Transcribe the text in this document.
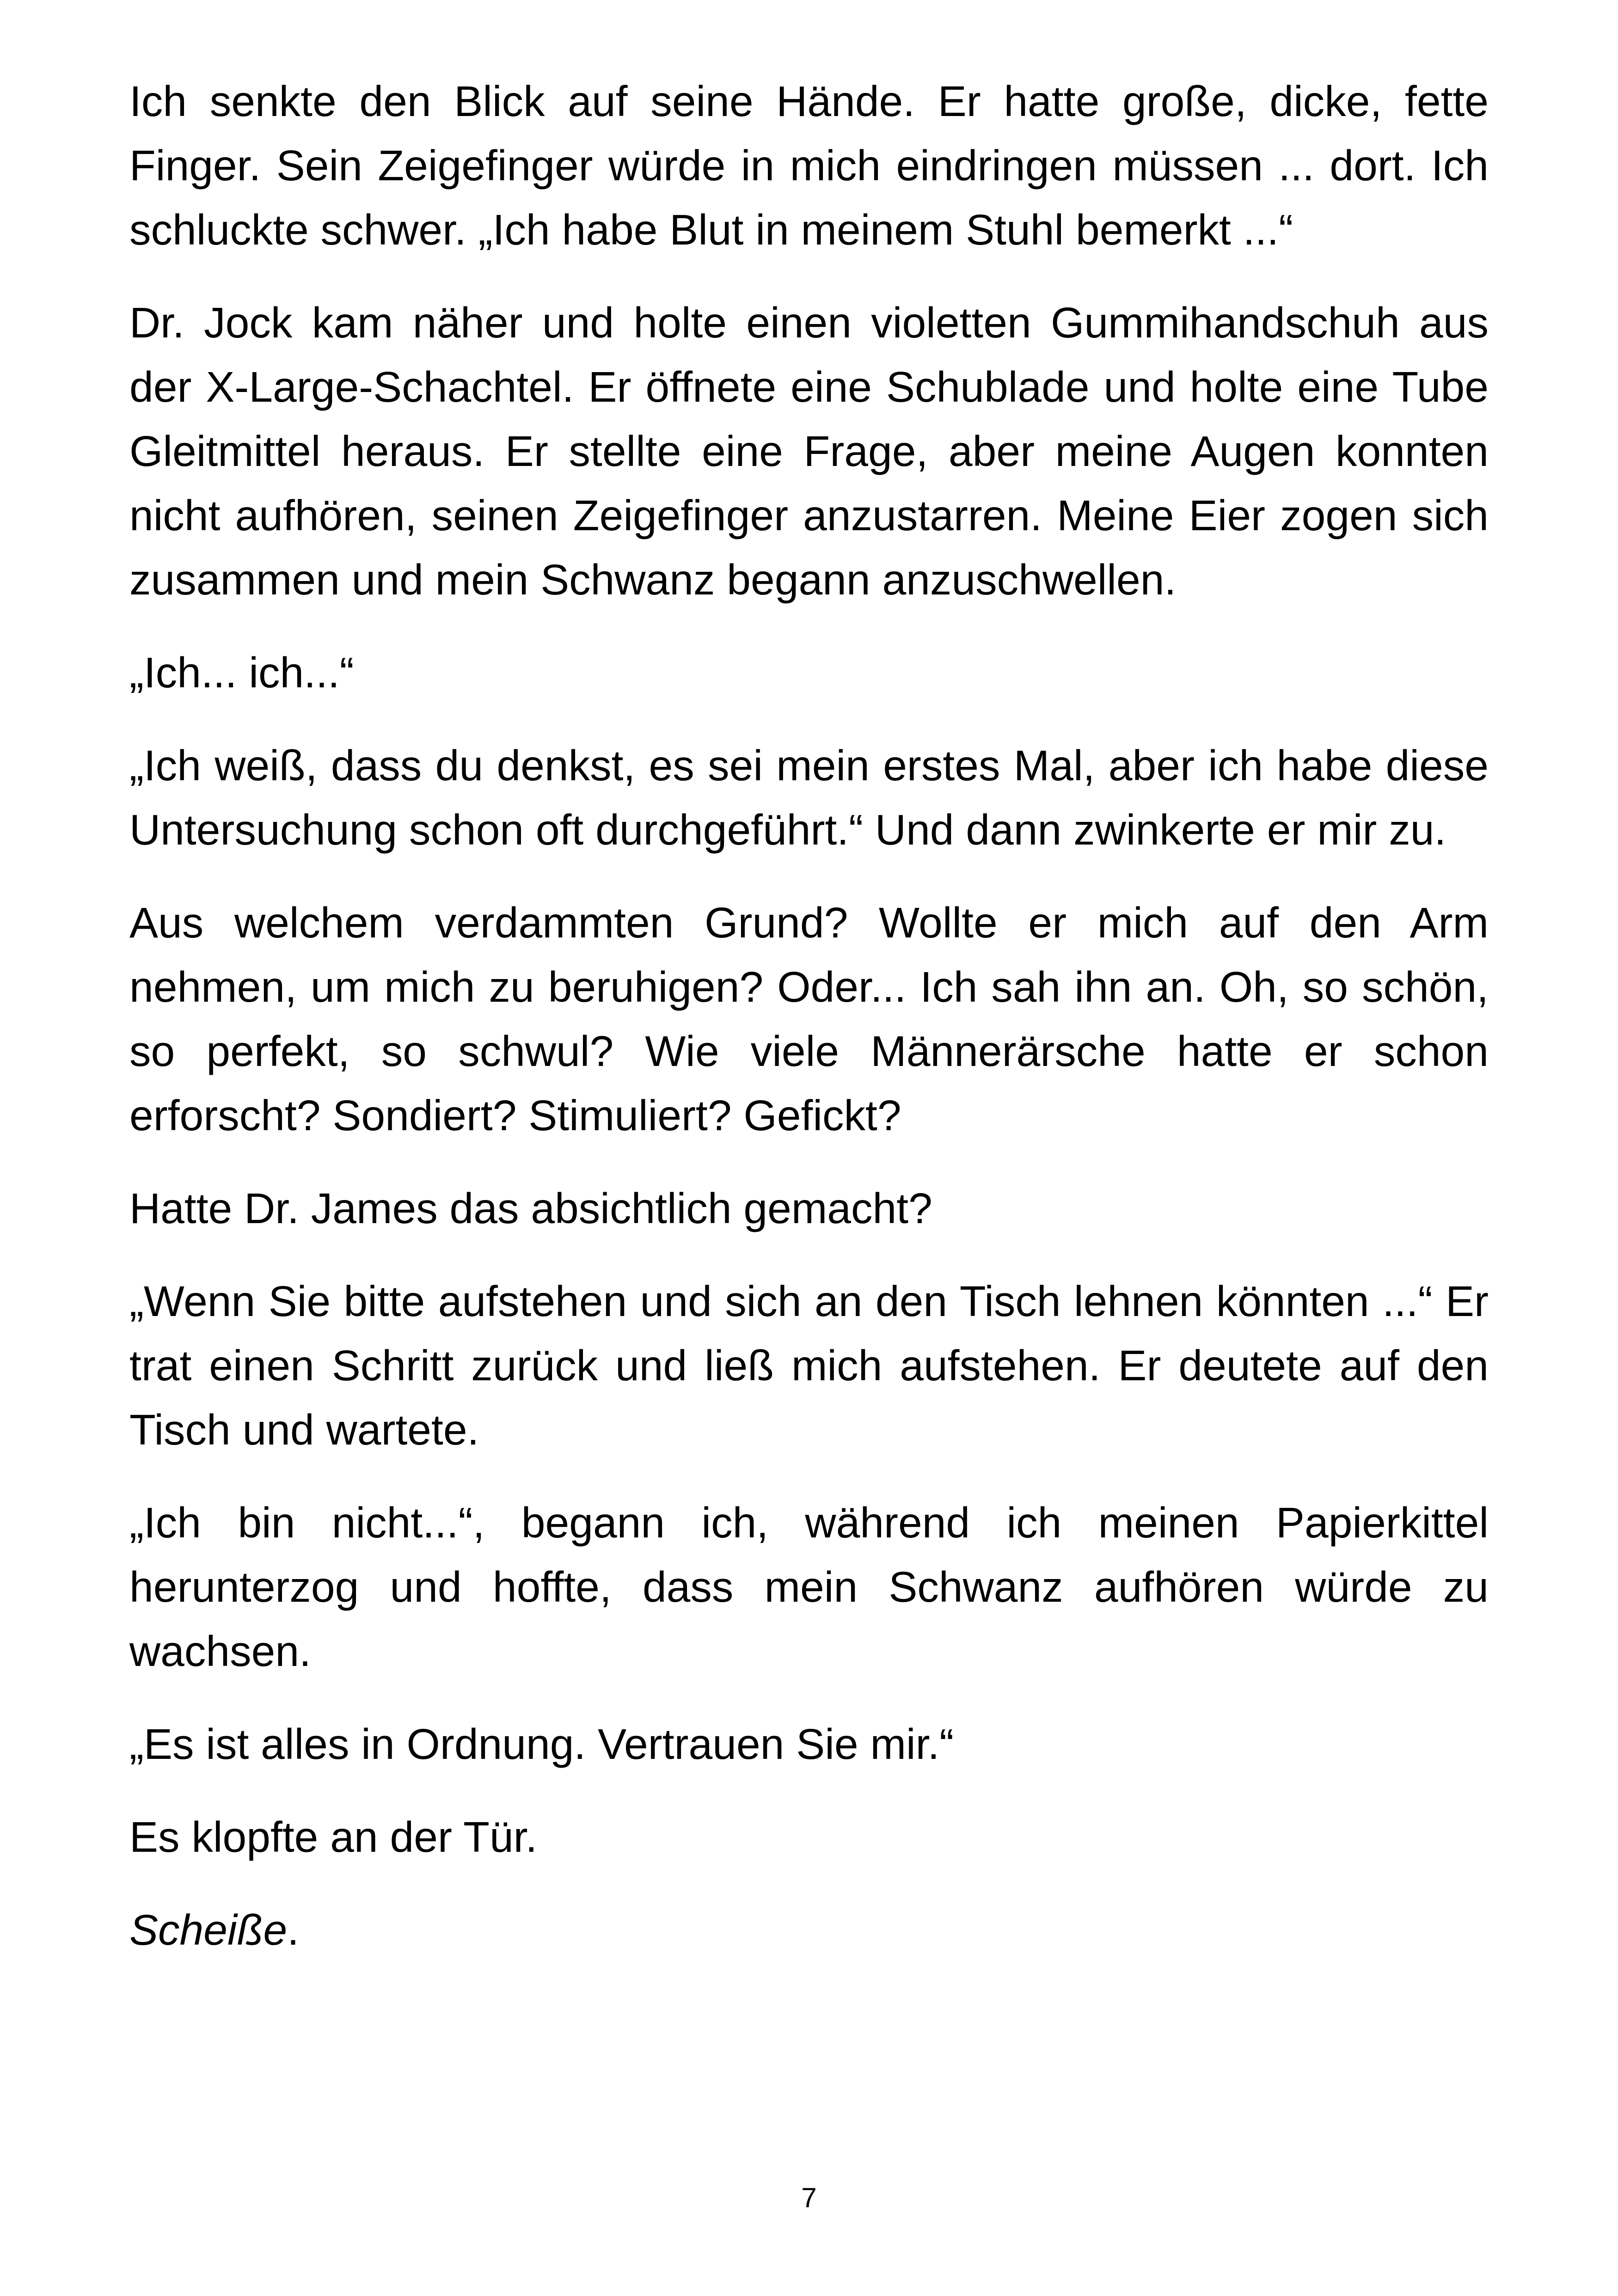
Ich senkte den Blick auf seine Hände. Er hatte große, dicke, fette Finger. Sein Zeigefinger würde in mich eindringen müssen ... dort. Ich schluckte schwer. „Ich habe Blut in meinem Stuhl bemerkt ...“

Dr. Jock kam näher und holte einen violetten Gummihandschuh aus der X-Large-Schachtel. Er öffnete eine Schublade und holte eine Tube Gleitmittel heraus. Er stellte eine Frage, aber meine Augen konnten nicht aufhören, seinen Zeigefinger anzustarren. Meine Eier zogen sich zusammen und mein Schwanz begann anzuschwellen.

„Ich... ich...“

„Ich weiß, dass du denkst, es sei mein erstes Mal, aber ich habe diese Untersuchung schon oft durchgeführt.“ Und dann zwinkerte er mir zu.

Aus welchem verdammten Grund? Wollte er mich auf den Arm nehmen, um mich zu beruhigen? Oder... Ich sah ihn an. Oh, so schön, so perfekt, so schwul? Wie viele Männerärsche hatte er schon erforscht? Sondiert? Stimuliert? Gefickt?

Hatte Dr. James das absichtlich gemacht?

„Wenn Sie bitte aufstehen und sich an den Tisch lehnen könnten ...“ Er trat einen Schritt zurück und ließ mich aufstehen. Er deutete auf den Tisch und wartete.

„Ich bin nicht...“, begann ich, während ich meinen Papierkittel herunterzog und hoffte, dass mein Schwanz aufhören würde zu wachsen.

„Es ist alles in Ordnung. Vertrauen Sie mir.“

Es klopfte an der Tür.

Scheiße.

7
